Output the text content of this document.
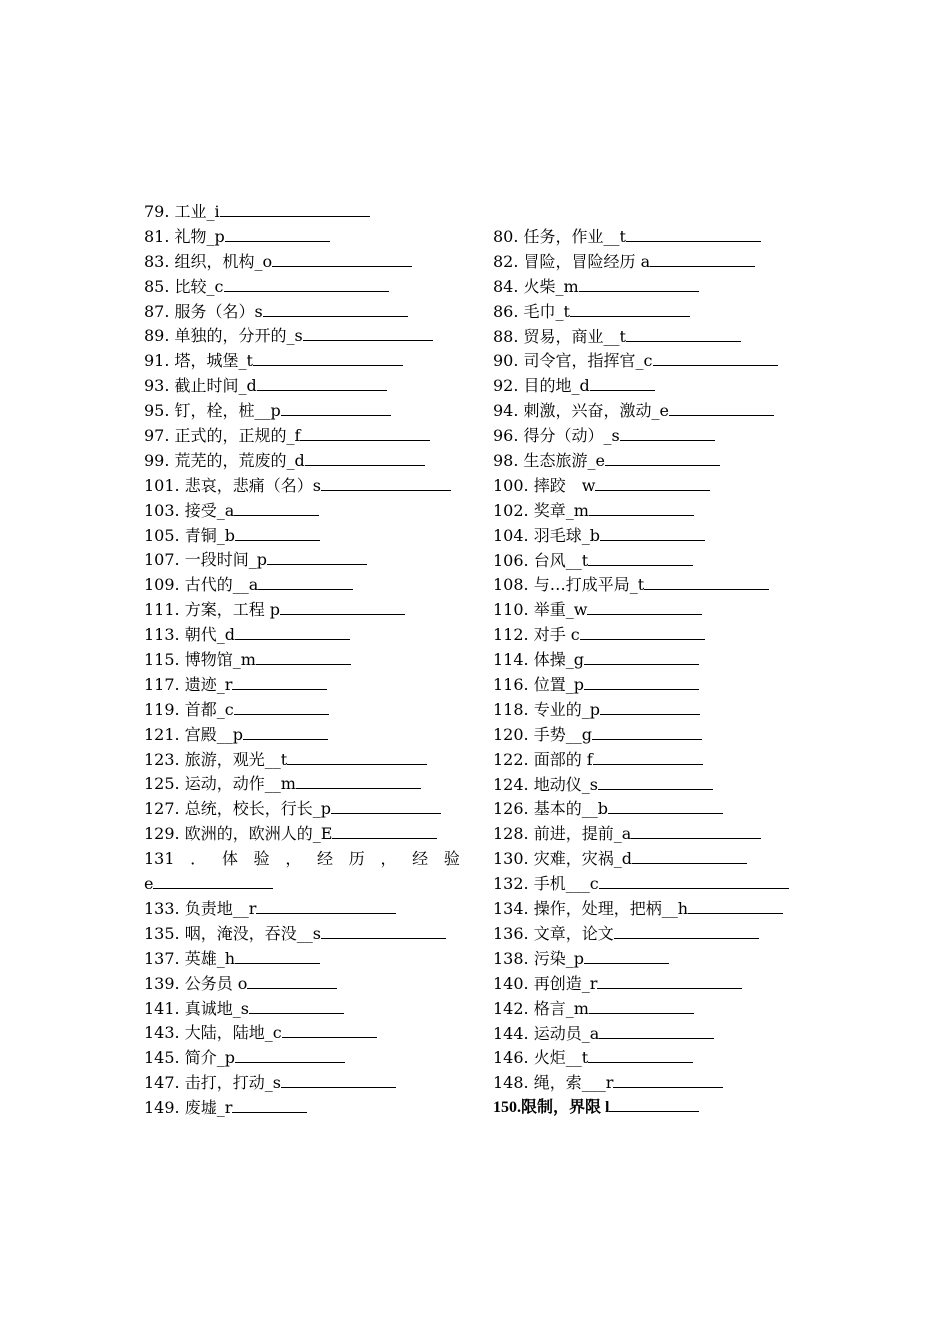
79. 工业_i
81. 礼物_p
83. 组织，机构_o
85. 比较_c
87. 服务（名）s
89. 单独的，分开的_s
91. 塔，城堡_t
93. 截止时间_d
95. 钉，栓，桩__p
97. 正式的，正规的_f
99. 荒芜的，荒废的_d
101. 悲哀，悲痛（名）s
103. 接受_a
105. 青铜_b
107. 一段时间_p
109. 古代的__a
111. 方案，工程 p
113. 朝代_d
115. 博物馆_m
117. 遗迹_r
119. 首都_c
121. 宫殿__p
123. 旅游，观光__t
125. 运动，动作__m
127. 总统，校长，行长_p
129. 欧洲的，欧洲人的_E
131 ． 体 验 ， 经 历 ， 经 验
e
133. 负责地__r
135. 咽，淹没，吞没__s
137. 英雄_h
139. 公务员 o
141. 真诚地_s
143. 大陆，陆地_c
145. 简介_p
147. 击打，打动_s
149. 废墟_r
80. 任务，作业__t
82. 冒险，冒险经历 a
84. 火柴_m
86. 毛巾_t
88. 贸易，商业__t
90. 司令官，指挥官_c
92. 目的地_d
94. 刺激，兴奋，激动_e
96. 得分（动）_s
98. 生态旅游_e
100. 摔跤　w
102. 奖章_m
104. 羽毛球_b
106. 台风__t
108. 与…打成平局_t
110. 举重_w
112. 对手 c
114. 体操_g
116. 位置_p
118. 专业的_p
120. 手势__g
122. 面部的 f
124. 地动仪_s
126. 基本的__b
128. 前进，提前_a
130. 灾难，灾祸_d
132. 手机___c
134. 操作，处理，把柄__h
136. 文章，论文
138. 污染_p
140. 再创造_r
142. 格言_m
144. 运动员_a
146. 火炬__t
148. 绳，索___r
150.限制，界限 l
